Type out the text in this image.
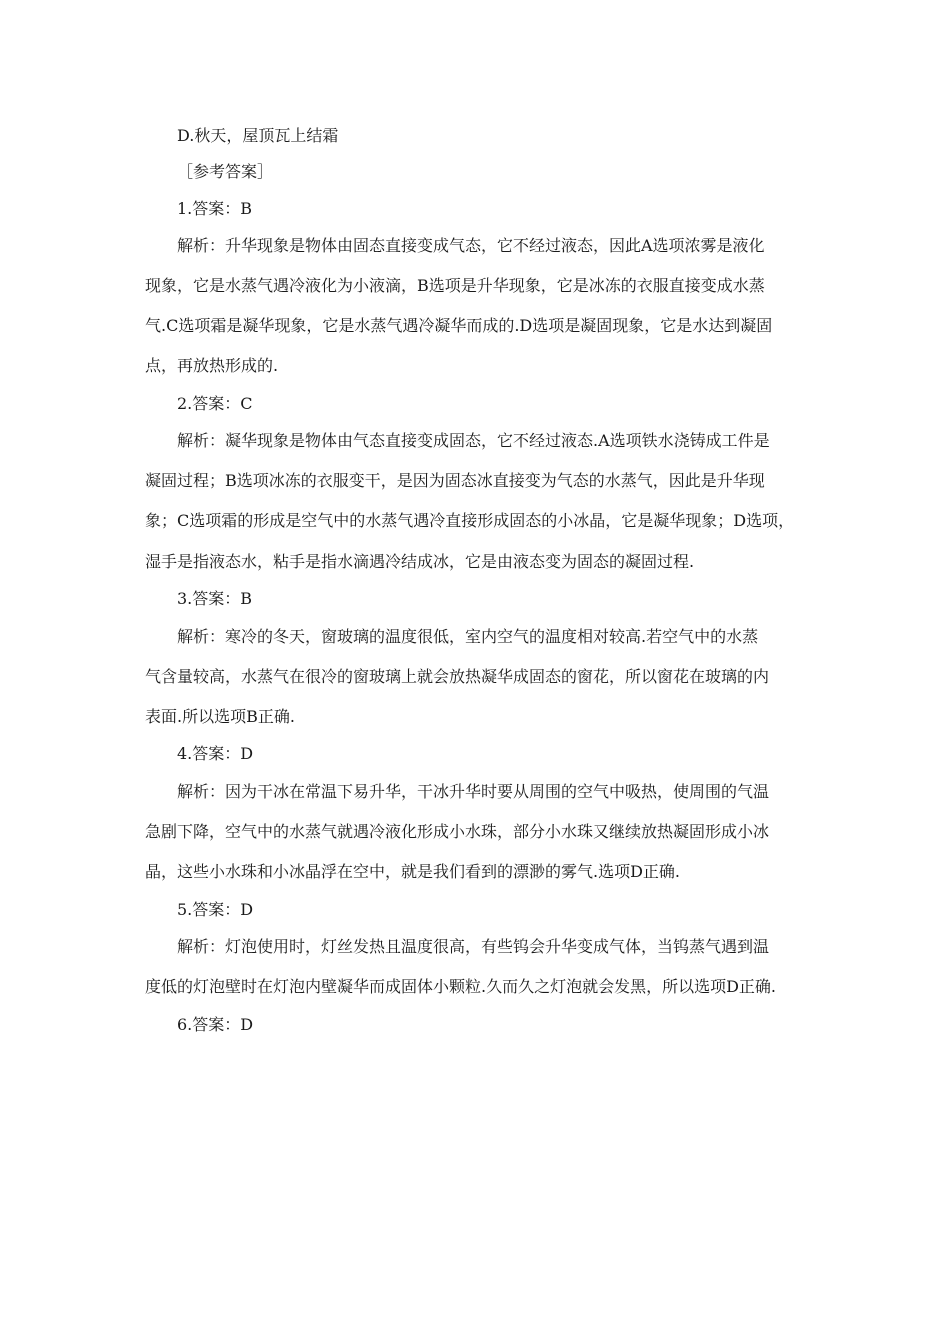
D.秋天，屋顶瓦上结霜
［参考答案］
1.答案：B
解析：升华现象是物体由固态直接变成气态，它不经过液态，因此A选项浓雾是液化
现象，它是水蒸气遇冷液化为小液滴，B选项是升华现象，它是冰冻的衣服直接变成水蒸
气.C选项霜是凝华现象，它是水蒸气遇冷凝华而成的.D选项是凝固现象，它是水达到凝固
点，再放热形成的.
2.答案：C
解析：凝华现象是物体由气态直接变成固态，它不经过液态.A选项铁水浇铸成工件是
凝固过程；B选项冰冻的衣服变干，是因为固态冰直接变为气态的水蒸气，因此是升华现
象；C选项霜的形成是空气中的水蒸气遇冷直接形成固态的小冰晶，它是凝华现象；D选项，
湿手是指液态水，粘手是指水滴遇冷结成冰，它是由液态变为固态的凝固过程.
3.答案：B
解析：寒冷的冬天，窗玻璃的温度很低，室内空气的温度相对较高.若空气中的水蒸
气含量较高，水蒸气在很冷的窗玻璃上就会放热凝华成固态的窗花，所以窗花在玻璃的内
表面.所以选项B正确.
4.答案：D
解析：因为干冰在常温下易升华，干冰升华时要从周围的空气中吸热，使周围的气温
急剧下降，空气中的水蒸气就遇冷液化形成小水珠，部分小水珠又继续放热凝固形成小冰
晶，这些小水珠和小冰晶浮在空中，就是我们看到的漂渺的雾气.选项D正确.
5.答案：D
解析：灯泡使用时，灯丝发热且温度很高，有些钨会升华变成气体，当钨蒸气遇到温
度低的灯泡壁时在灯泡内壁凝华而成固体小颗粒.久而久之灯泡就会发黑，所以选项D正确.
6.答案：D
